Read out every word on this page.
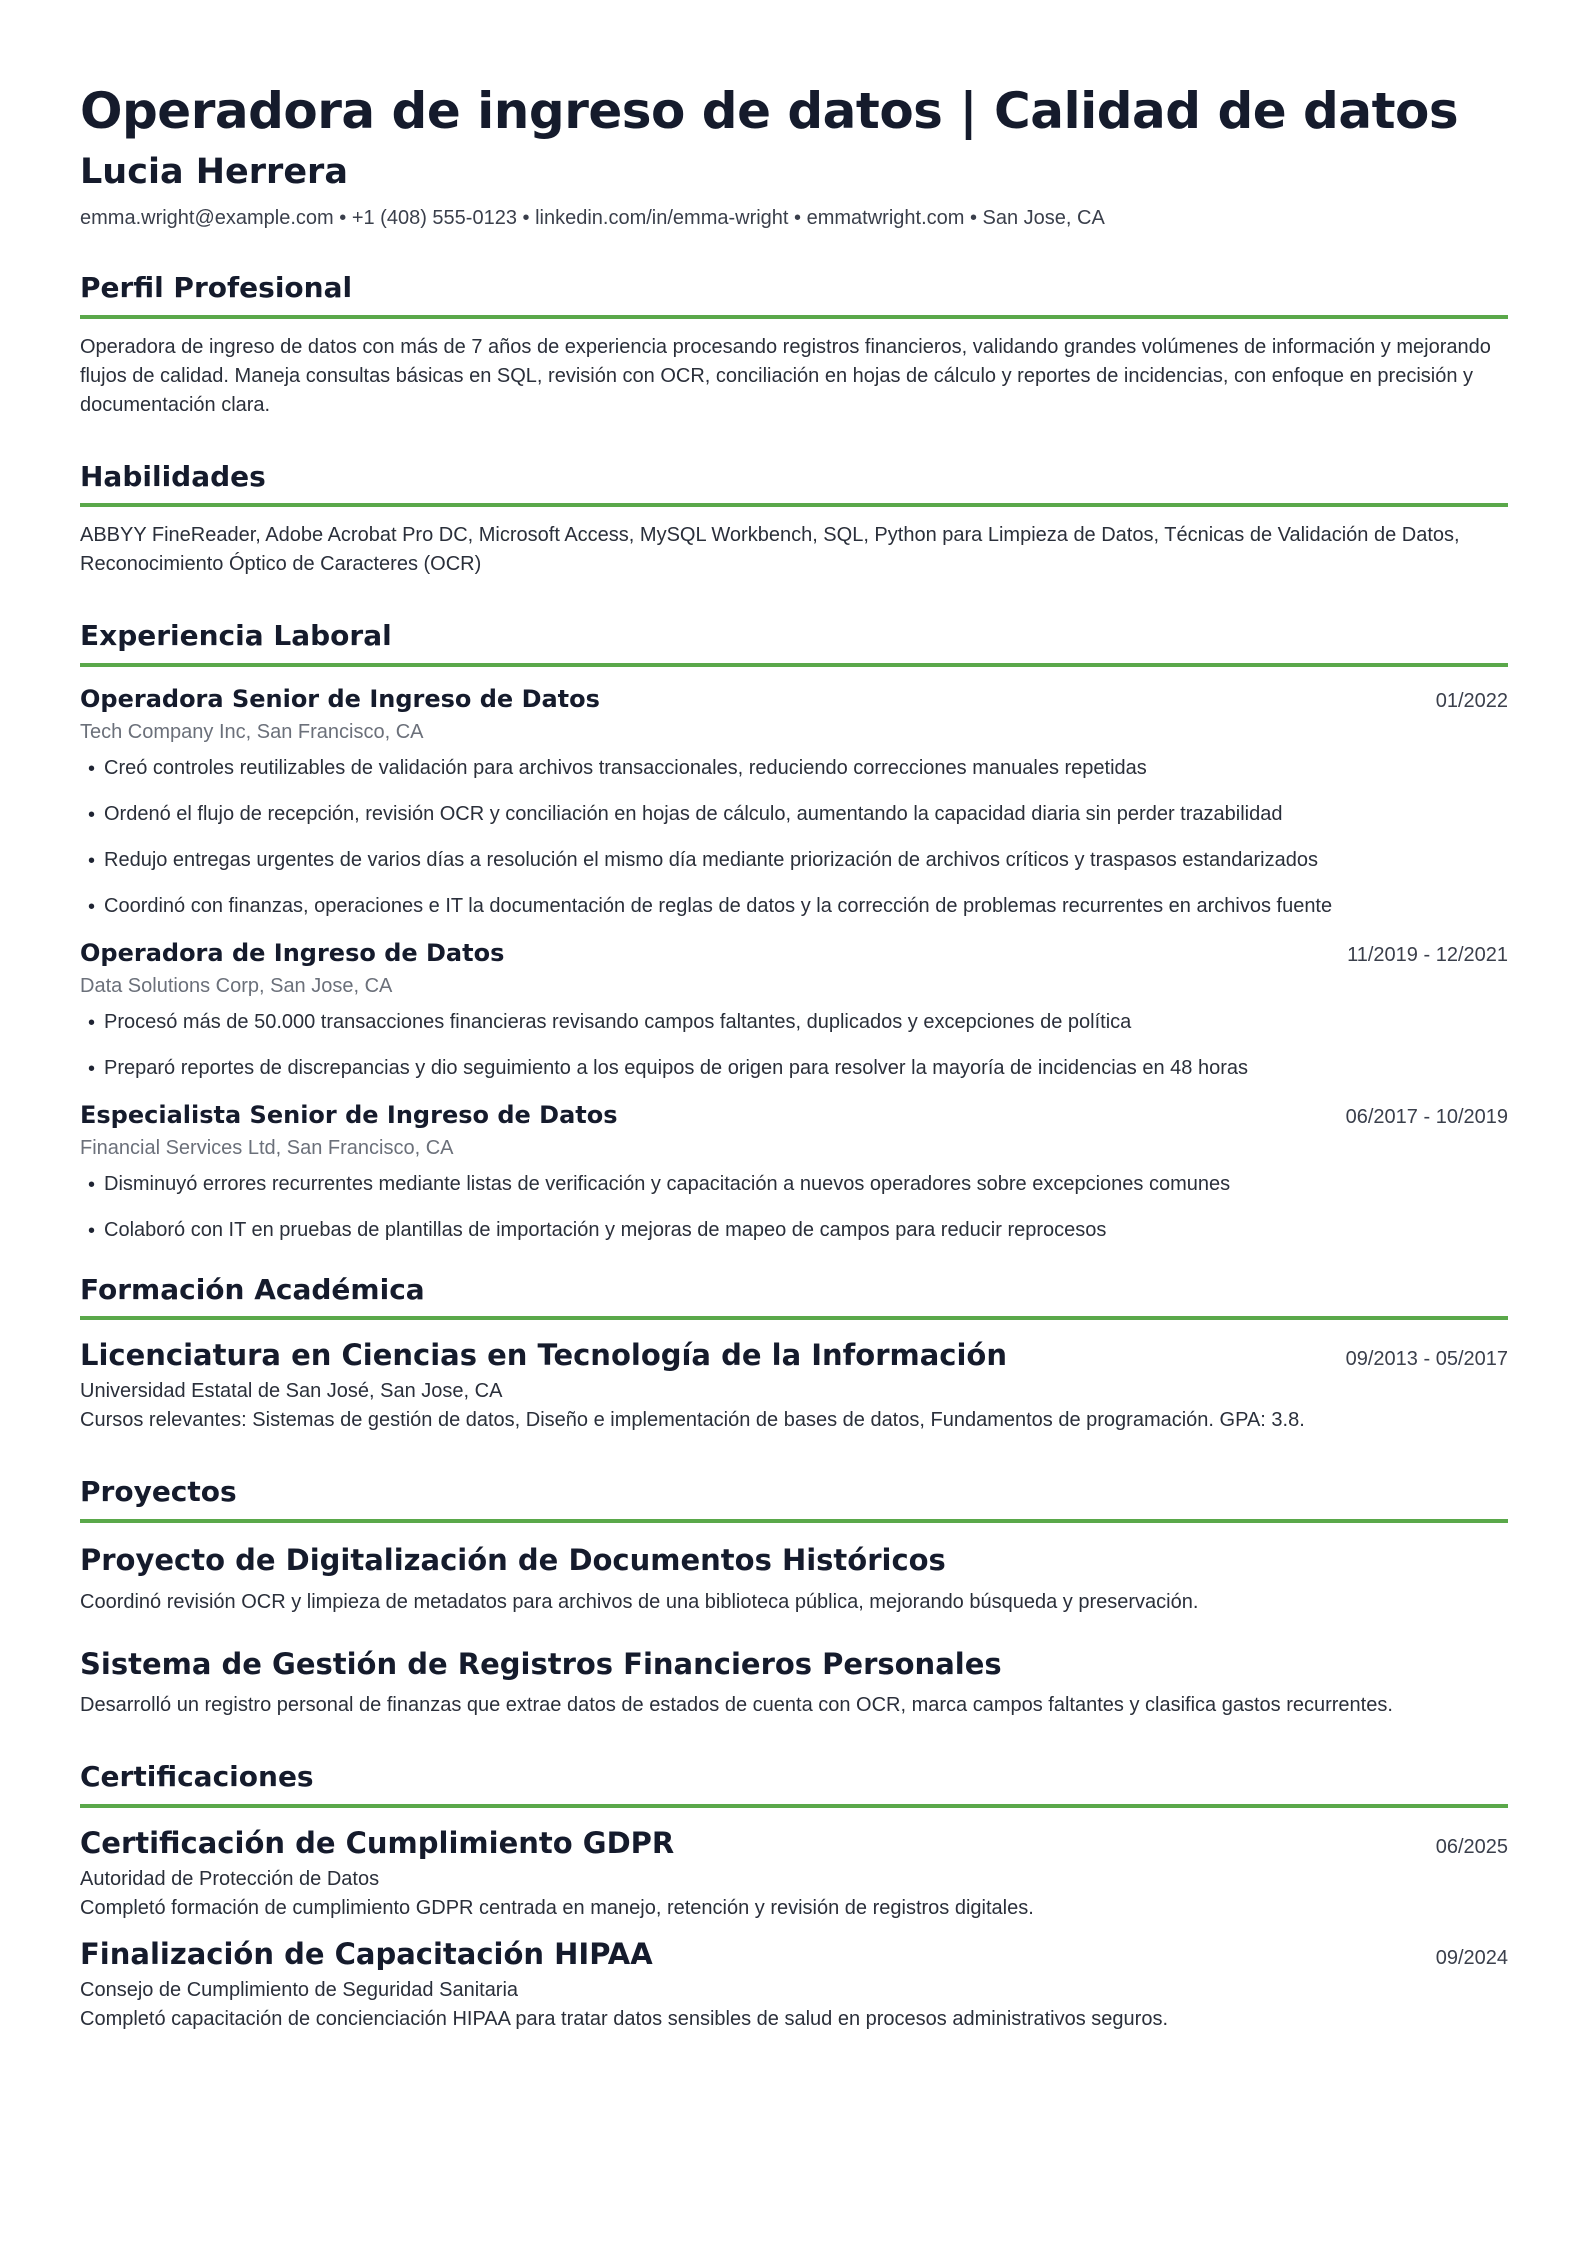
Operadora de ingreso de datos | Calidad de datos
Lucia Herrera
emma.wright@example.com • +1 (408) 555-0123 • linkedin.com/in/emma-wright • emmatwright.com • San Jose, CA
Perfil Profesional

Operadora de ingreso de datos con más de 7 años de experiencia procesando registros financieros, validando grandes volúmenes de información y mejorando flujos de calidad. Maneja consultas básicas en SQL, revisión con OCR, conciliación en hojas de cálculo y reportes de incidencias, con enfoque en precisión y documentación clara.

Habilidades

ABBYY FineReader, Adobe Acrobat Pro DC, Microsoft Access, MySQL Workbench, SQL, Python para Limpieza de Datos, Técnicas de Validación de Datos, Reconocimiento Óptico de Caracteres (OCR)

Experiencia Laboral
Operadora Senior de Ingreso de Datos	01/2022
Tech Company Inc, San Francisco, CA
• Creó controles reutilizables de validación para archivos transaccionales, reduciendo correcciones manuales repetidas
• Ordenó el flujo de recepción, revisión OCR y conciliación en hojas de cálculo, aumentando la capacidad diaria sin perder trazabilidad
• Redujo entregas urgentes de varios días a resolución el mismo día mediante priorización de archivos críticos y traspasos estandarizados
• Coordinó con finanzas, operaciones e IT la documentación de reglas de datos y la corrección de problemas recurrentes en archivos fuente
Operadora de Ingreso de Datos	11/2019 - 12/2021
Data Solutions Corp, San Jose, CA
• Procesó más de 50.000 transacciones financieras revisando campos faltantes, duplicados y excepciones de política
• Preparó reportes de discrepancias y dio seguimiento a los equipos de origen para resolver la mayoría de incidencias en 48 horas
Especialista Senior de Ingreso de Datos	06/2017 - 10/2019
Financial Services Ltd, San Francisco, CA
• Disminuyó errores recurrentes mediante listas de verificación y capacitación a nuevos operadores sobre excepciones comunes
• Colaboró con IT en pruebas de plantillas de importación y mejoras de mapeo de campos para reducir reprocesos
Formación Académica
Licenciatura en Ciencias en Tecnología de la Información	09/2013 - 05/2017
Universidad Estatal de San José, San Jose, CA
Cursos relevantes: Sistemas de gestión de datos, Diseño e implementación de bases de datos, Fundamentos de programación. GPA: 3.8.
Proyectos
Proyecto de Digitalización de Documentos Históricos
Coordinó revisión OCR y limpieza de metadatos para archivos de una biblioteca pública, mejorando búsqueda y preservación.
Sistema de Gestión de Registros Financieros Personales
Desarrolló un registro personal de finanzas que extrae datos de estados de cuenta con OCR, marca campos faltantes y clasifica gastos recurrentes.
Certificaciones
Certificación de Cumplimiento GDPR	06/2025
Autoridad de Protección de Datos
Completó formación de cumplimiento GDPR centrada en manejo, retención y revisión de registros digitales.
Finalización de Capacitación HIPAA	09/2024
Consejo de Cumplimiento de Seguridad Sanitaria
Completó capacitación de concienciación HIPAA para tratar datos sensibles de salud en procesos administrativos seguros.
